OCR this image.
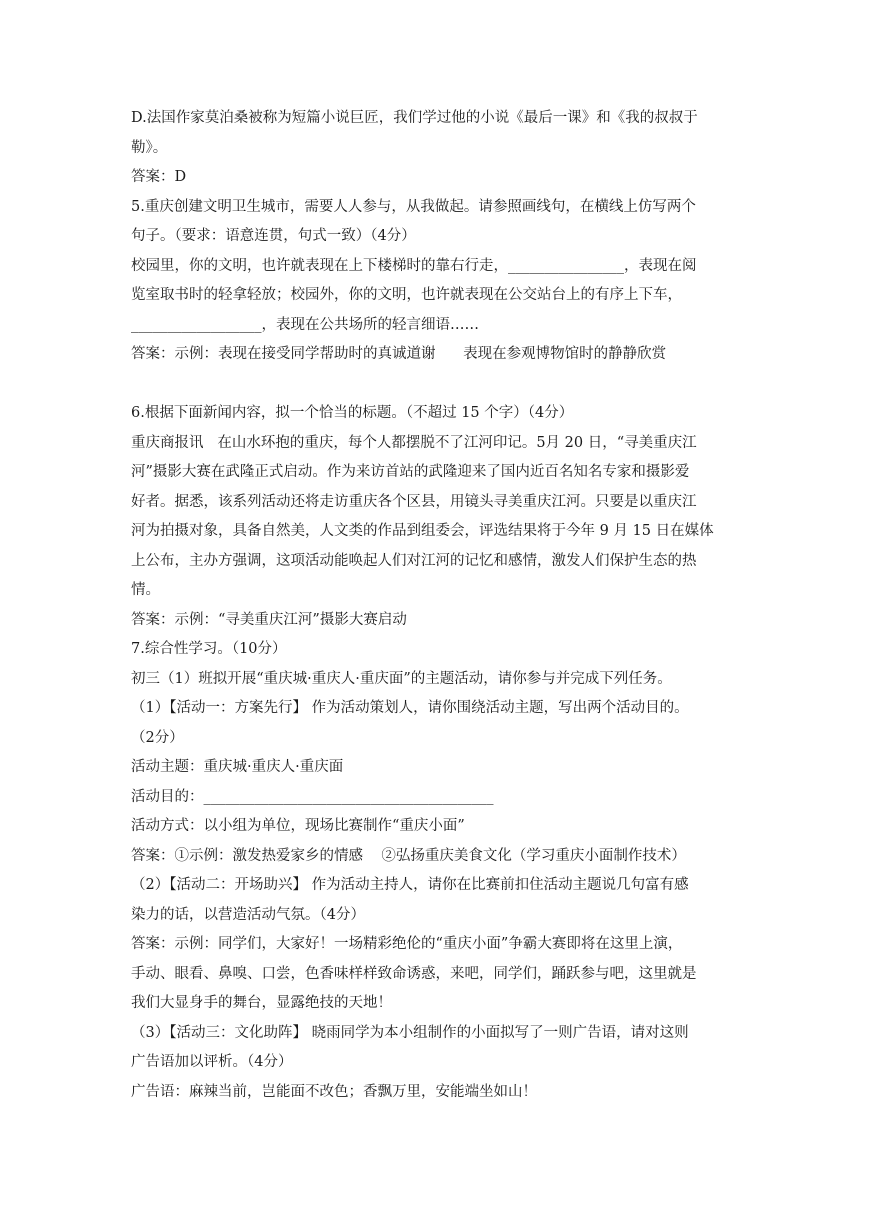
D.法国作家莫泊桑被称为短篇小说巨匠，我们学过他的小说《最后一课》和《我的叔叔于
勒》。
答案：D
5.重庆创建文明卫生城市，需要人人参与，从我做起。请参照画线句，在横线上仿写两个
句子。（要求：语意连贯，句式一致）（4分）
校园里，你的文明，也许就表现在上下楼梯时的靠右行走，________________，表现在阅
览室取书时的轻拿轻放；校园外，你的文明，也许就表现在公交站台上的有序上下车，
__________________，表现在公共场所的轻言细语……
答案：示例：表现在接受同学帮助时的真诚道谢      表现在参观博物馆时的静静欣赏
6.根据下面新闻内容，拟一个恰当的标题。（不超过 15 个字）（4分）
重庆商报讯   在山水环抱的重庆，每个人都摆脱不了江河印记。5月 20 日，“寻美重庆江
河”摄影大赛在武隆正式启动。作为来访首站的武隆迎来了国内近百名知名专家和摄影爱
好者。据悉，该系列活动还将走访重庆各个区县，用镜头寻美重庆江河。只要是以重庆江
河为拍摄对象，具备自然美，人文类的作品到组委会，评选结果将于今年 9 月 15 日在媒体
上公布，主办方强调，这项活动能唤起人们对江河的记忆和感情，激发人们保护生态的热
情。
答案：示例：“寻美重庆江河”摄影大赛启动
7.综合性学习。（10分）
初三（1）班拟开展“重庆城·重庆人·重庆面”的主题活动，请你参与并完成下列任务。
（1）【活动一：方案先行】 作为活动策划人，请你围绕活动主题，写出两个活动目的。
（2分）
活动主题：重庆城·重庆人·重庆面
活动目的：________________________________________
活动方式：以小组为单位，现场比赛制作“重庆小面”
答案：①示例：激发热爱家乡的情感    ②弘扬重庆美食文化（学习重庆小面制作技术）
（2）【活动二：开场助兴】 作为活动主持人，请你在比赛前扣住活动主题说几句富有感
染力的话，以营造活动气氛。（4分）
答案：示例：同学们，大家好！一场精彩绝伦的“重庆小面”争霸大赛即将在这里上演，
手动、眼看、鼻嗅、口尝，色香味样样致命诱惑，来吧，同学们，踊跃参与吧，这里就是
我们大显身手的舞台，显露绝技的天地！
（3）【活动三：文化助阵】 晓雨同学为本小组制作的小面拟写了一则广告语，请对这则
广告语加以评析。（4分）
广告语：麻辣当前，岂能面不改色；香飘万里，安能端坐如山！
